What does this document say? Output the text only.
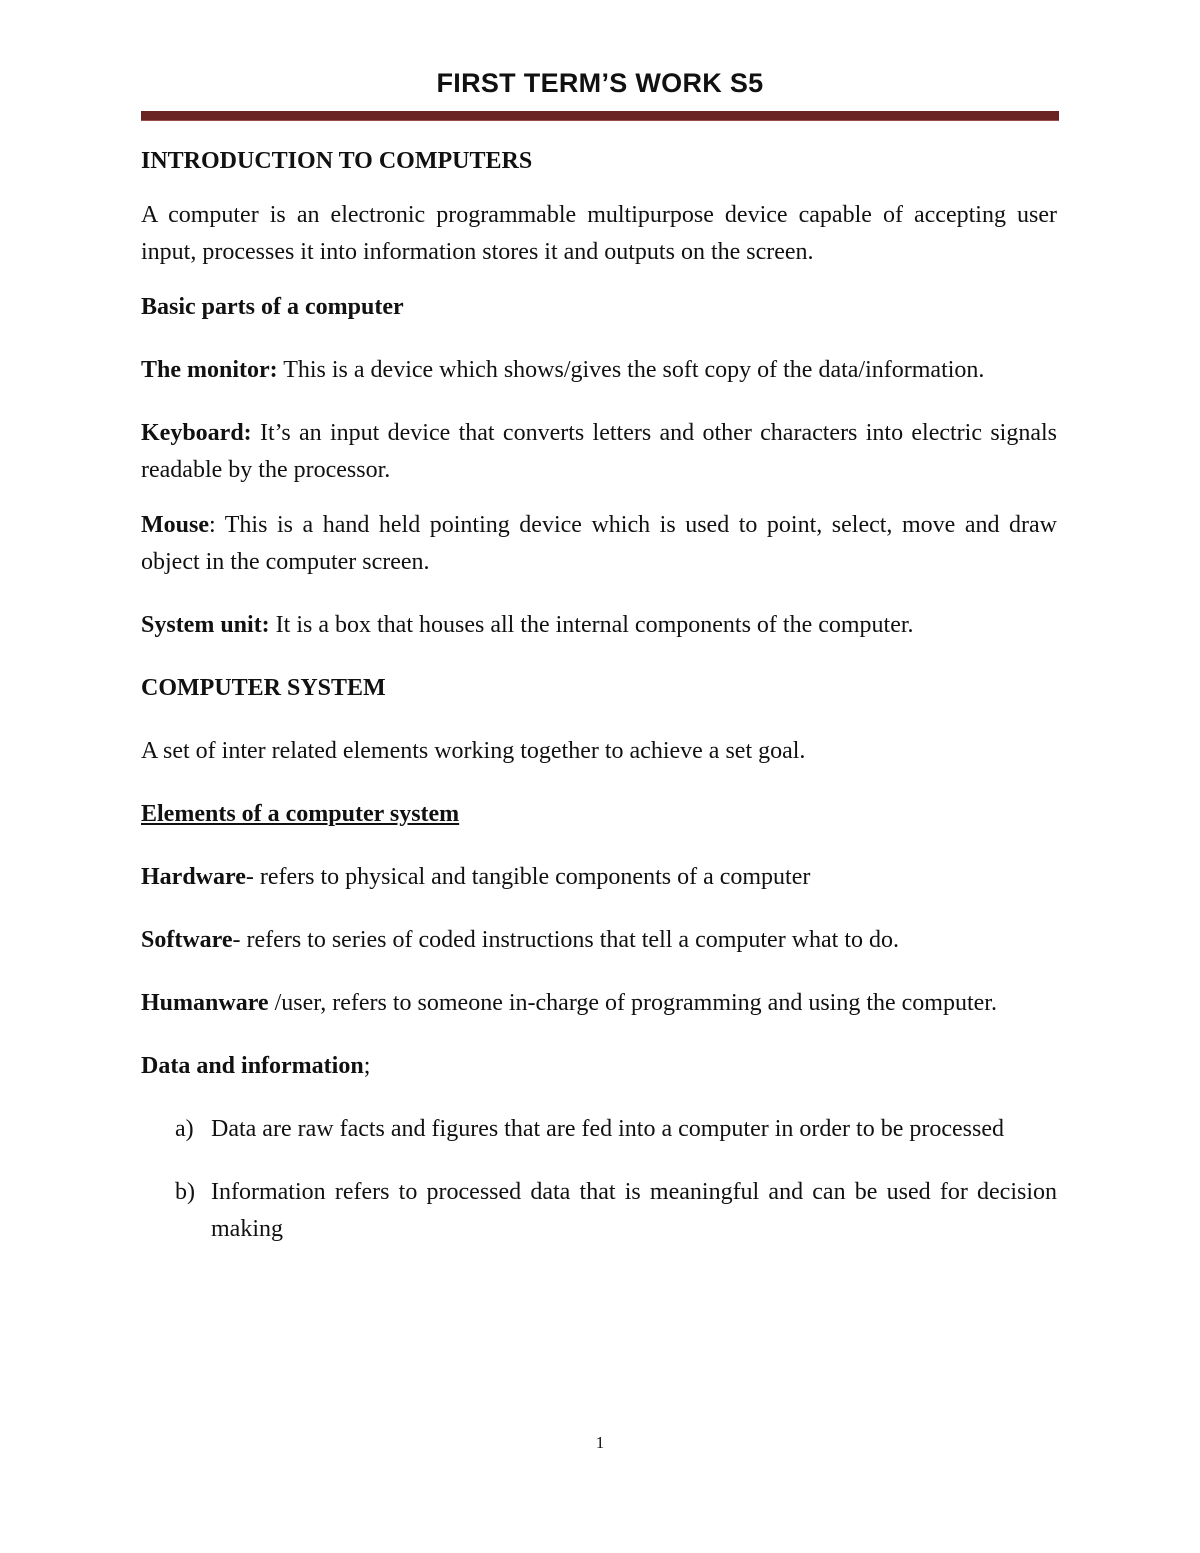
FIRST TERM’S WORK S5

INTRODUCTION TO COMPUTERS

A computer is an electronic programmable multipurpose device capable of accepting user input, processes it into information stores it and outputs on the screen.

Basic parts of a computer

The monitor: This is a device which shows/gives the soft copy of the data/information.

Keyboard: It’s an input device that converts letters and other characters into electric signals readable by the processor.

Mouse: This is a hand held pointing device which is used to point, select, move and draw object in the computer screen.

System unit: It is a box that houses all the internal components of the computer.

COMPUTER SYSTEM

A set of inter related elements working together to achieve a set goal.

Elements of a computer system

Hardware- refers to physical and tangible components of a computer

Software- refers to series of coded instructions that tell a computer what to do.

Humanware /user, refers to someone in-charge of programming and using the computer.

Data and information;

a) Data are raw facts and figures that are fed into a computer in order to be processed

b) Information refers to processed data that is meaningful and can be used for decision making

1
